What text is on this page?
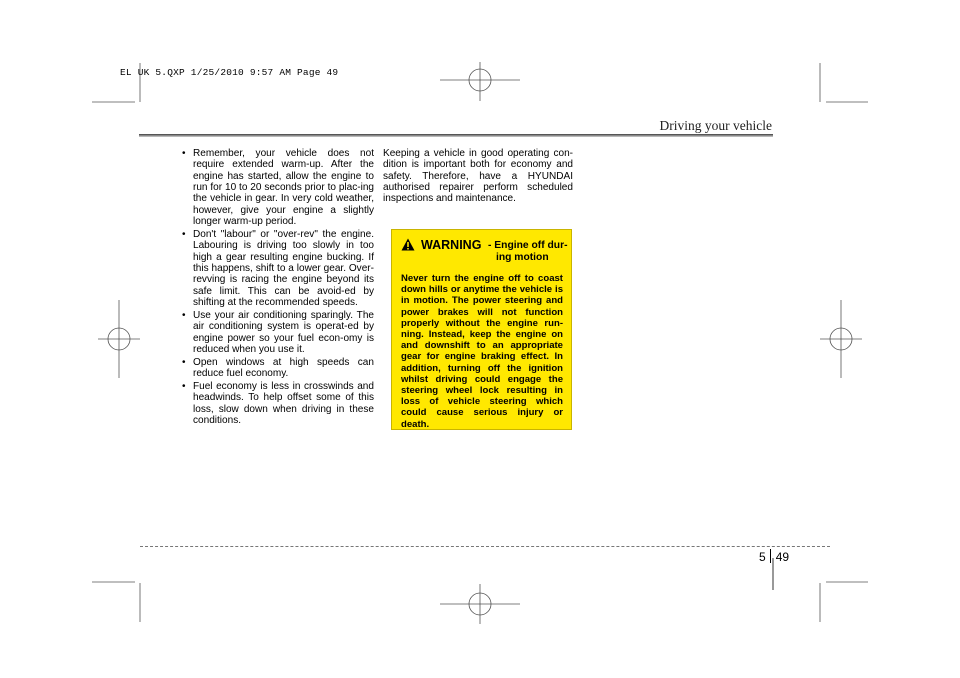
EL UK 5.QXP 1/25/2010 9:57 AM Page 49
Driving your vehicle
• Remember, your vehicle does not require extended warm-up. After the engine has started, allow the engine to run for 10 to 20 seconds prior to plac-ing the vehicle in gear. In very cold weather, however, give your engine a slightly longer warm-up period.
• Don't "labour" or "over-rev" the engine. Labouring is driving too slowly in too high a gear resulting engine bucking. If this happens, shift to a lower gear. Over-revving is racing the engine beyond its safe limit. This can be avoid-ed by shifting at the recommended speeds.
• Use your air conditioning sparingly. The air conditioning system is operat-ed by engine power so your fuel econ-omy is reduced when you use it.
• Open windows at high speeds can reduce fuel economy.
• Fuel economy is less in crosswinds and headwinds. To help offset some of this loss, slow down when driving in these conditions.

Keeping a vehicle in good operating con-dition is important both for economy and safety. Therefore, have a HYUNDAI authorised repairer perform scheduled inspections and maintenance.

WARNING - Engine off dur-
ing motion
Never turn the engine off to coast down hills or anytime the vehicle is in motion. The power steering and power brakes will not function properly without the engine run-ning. Instead, keep the engine on and downshift to an appropriate gear for engine braking effect. In addition, turning off the ignition whilst driving could engage the steering wheel lock resulting in loss of vehicle steering which could cause serious injury or death.
5 49
